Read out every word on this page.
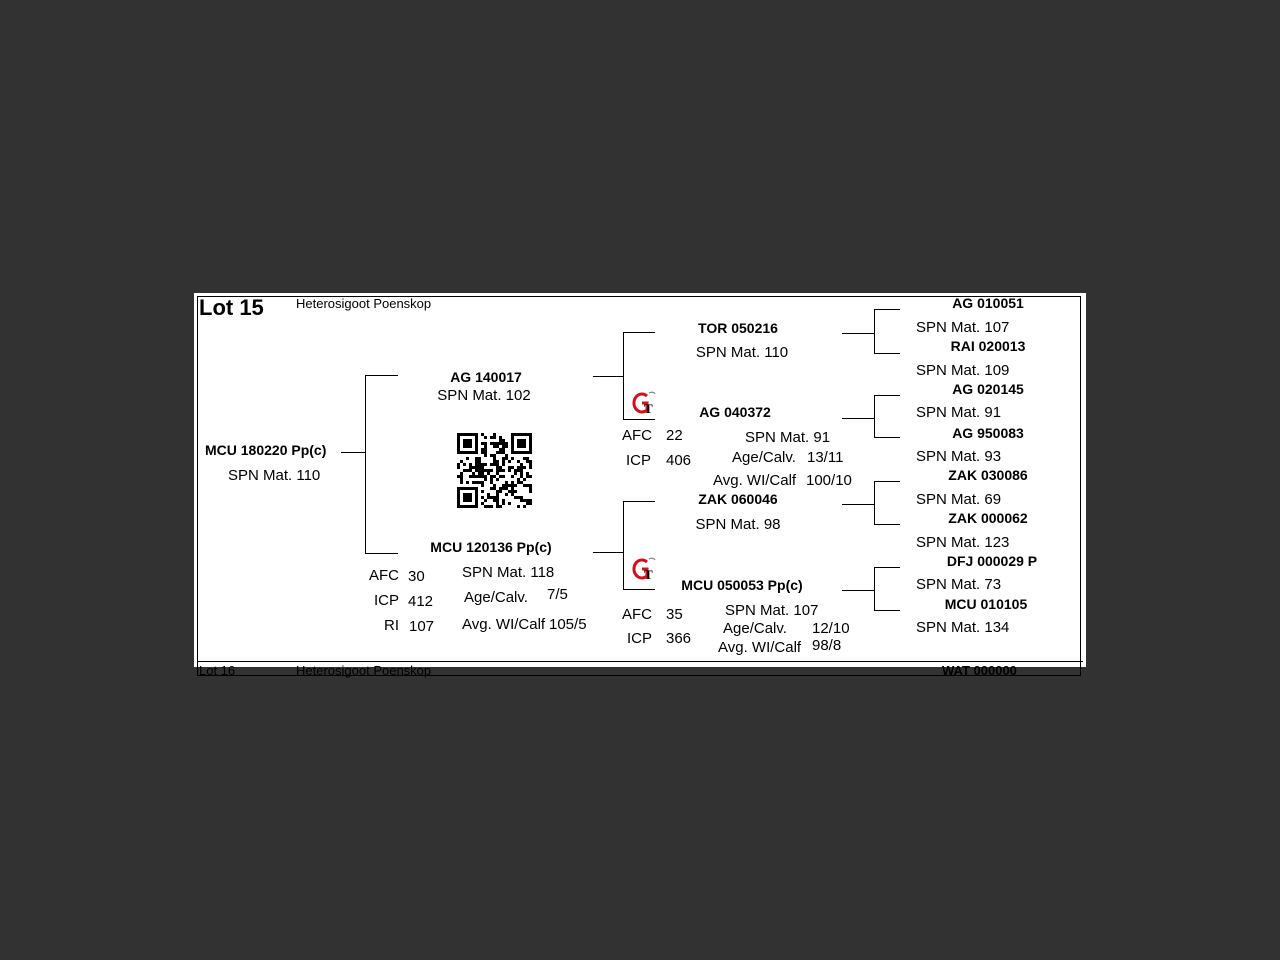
Lot 15 Heterosigoot Poenskop
MCU 180220 Pp(c)
SPN Mat. 110
AG 140017
SPN Mat. 102
MCU 120136 Pp(c)
AFC 30
ICP 412
RI 107
SPN Mat. 118
Age/Calv. 7/5
Avg. WI/Calf 105/5
TOR 050216
SPN Mat. 110
T	AG 040372
AFC 22
ICP 406
SPN Mat. 91
Age/Calv. 13/11
Avg. WI/Calf 100/10
ZAK 060046
SPN Mat. 98
T
MCU 050053 Pp(c)
AFC 35
ICP 366
SPN Mat. 107
Age/Calv. 12/10
Avg. WI/Calf 98/8
AG 010051
SPN Mat. 107
RAI 020013
SPN Mat. 109
AG 020145
SPN Mat. 91
AG 950083
SPN Mat. 93
ZAK 030086
SPN Mat. 69
ZAK 000062
SPN Mat. 123
DFJ 000029 P
SPN Mat. 73
MCU 010105
SPN Mat. 134
Lot 16	Heterosigoot Poenskop	WAT 000000
